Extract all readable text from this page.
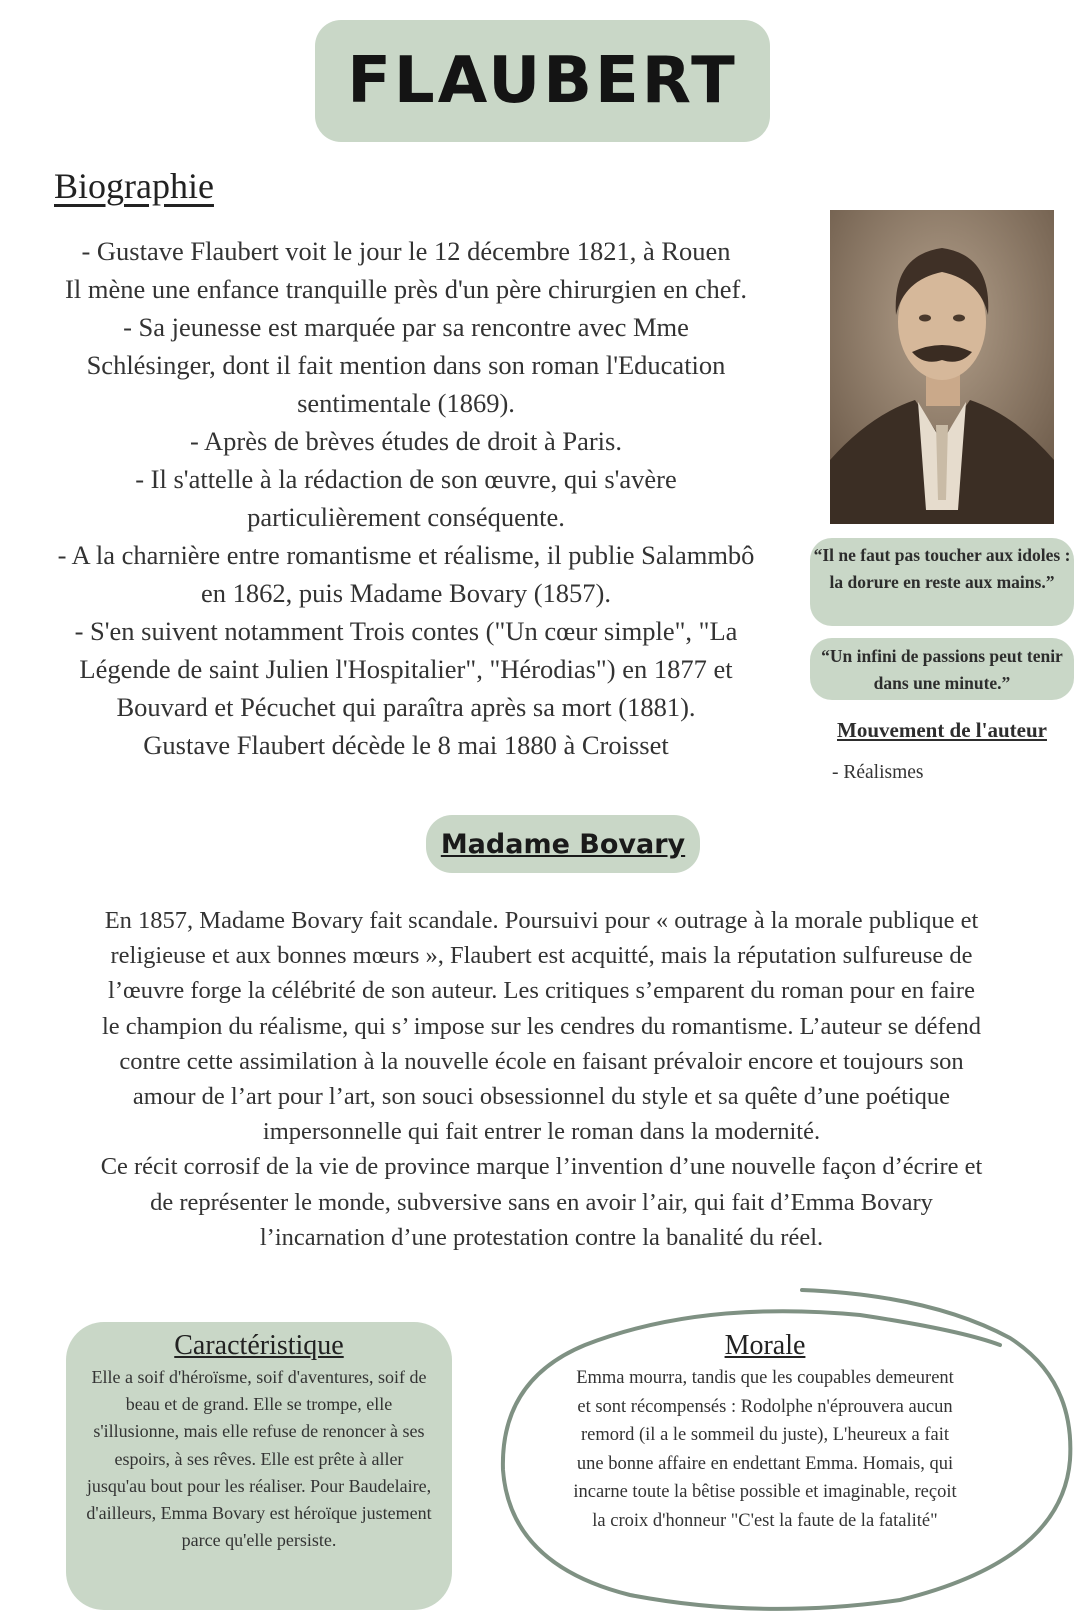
FLAUBERT
Biographie

- Gustave Flaubert voit le jour le 12 décembre 1821, à Rouen

Il mène une enfance tranquille près d'un père chirurgien en chef.

- Sa jeunesse est marquée par sa rencontre avec Mme

Schlésinger, dont il fait mention dans son roman l'Education

sentimentale (1869).

- Après de brèves études de droit à Paris.

- Il s'attelle à la rédaction de son œuvre, qui s'avère

particulièrement conséquente.

- A la charnière entre romantisme et réalisme, il publie Salammbô

en 1862, puis Madame Bovary (1857).

- S'en suivent notamment Trois contes ("Un cœur simple", "La

Légende de saint Julien l'Hospitalier", "Hérodias") en 1877 et

Bouvard et Pécuchet qui paraîtra après sa mort (1881).

Gustave Flaubert décède le 8 mai 1880 à Croisset

“Il ne faut pas toucher aux idoles : la dorure en reste aux mains.”
“Un infini de passions peut tenir dans une minute.”
Mouvement de l'auteur
- Réalismes
Madame Bovary

En 1857, Madame Bovary fait scandale. Poursuivi pour « outrage à la morale publique et

religieuse et aux bonnes mœurs », Flaubert est acquitté, mais la réputation sulfureuse de

l’œuvre forge la célébrité de son auteur. Les critiques s’emparent du roman pour en faire

le champion du réalisme, qui s’ impose sur les cendres du romantisme. L’auteur se défend

contre cette assimilation à la nouvelle école en faisant prévaloir encore et toujours son

amour de l’art pour l’art, son souci obsessionnel du style et sa quête d’une poétique

impersonnelle qui fait entrer le roman dans la modernité.

Ce récit corrosif de la vie de province marque l’invention d’une nouvelle façon d’écrire et

de représenter le monde, subversive sans en avoir l’air, qui fait d’Emma Bovary

l’incarnation d’une protestation contre la banalité du réel.

Caractéristique
Elle a soif d'héroïsme, soif d'aventures, soif de beau et de grand. Elle se trompe, elle s'illusionne, mais elle refuse de renoncer à ses espoirs, à ses rêves. Elle est prête à aller jusqu'au bout pour les réaliser. Pour Baudelaire, d'ailleurs, Emma Bovary est héroïque justement parce qu'elle persiste.
Morale
Emma mourra, tandis que les coupables demeurent et sont récompensés : Rodolphe n'éprouvera aucun remord (il a le sommeil du juste), L'heureux a fait une bonne affaire en endettant Emma. Homais, qui incarne toute la bêtise possible et imaginable, reçoit la croix d'honneur "C'est la faute de la fatalité"
